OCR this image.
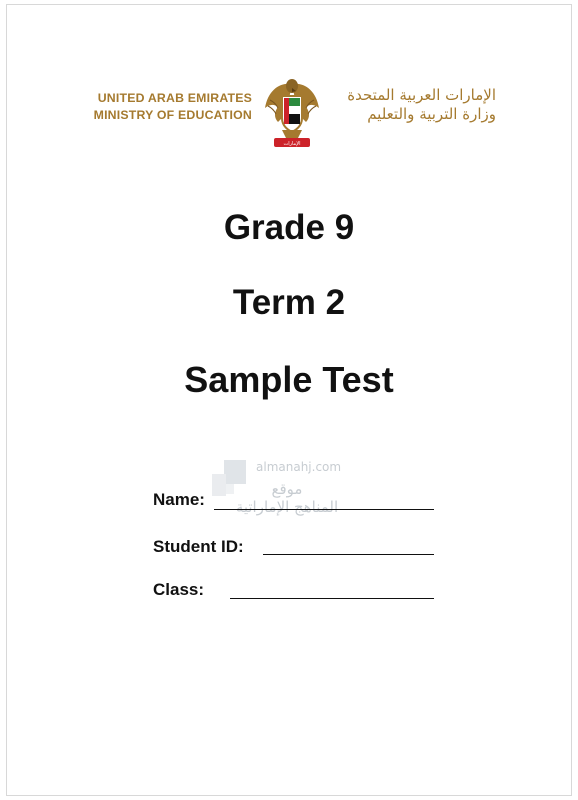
UNITED ARAB EMIRATES
MINISTRY OF EDUCATION
الإمارات
الإمارات العربية المتحدة
وزارة التربية والتعليم
Grade 9
Term 2
Sample Test
almanahj.com
موقع
المناهج الإماراتية
Name:
Student ID:
Class:
